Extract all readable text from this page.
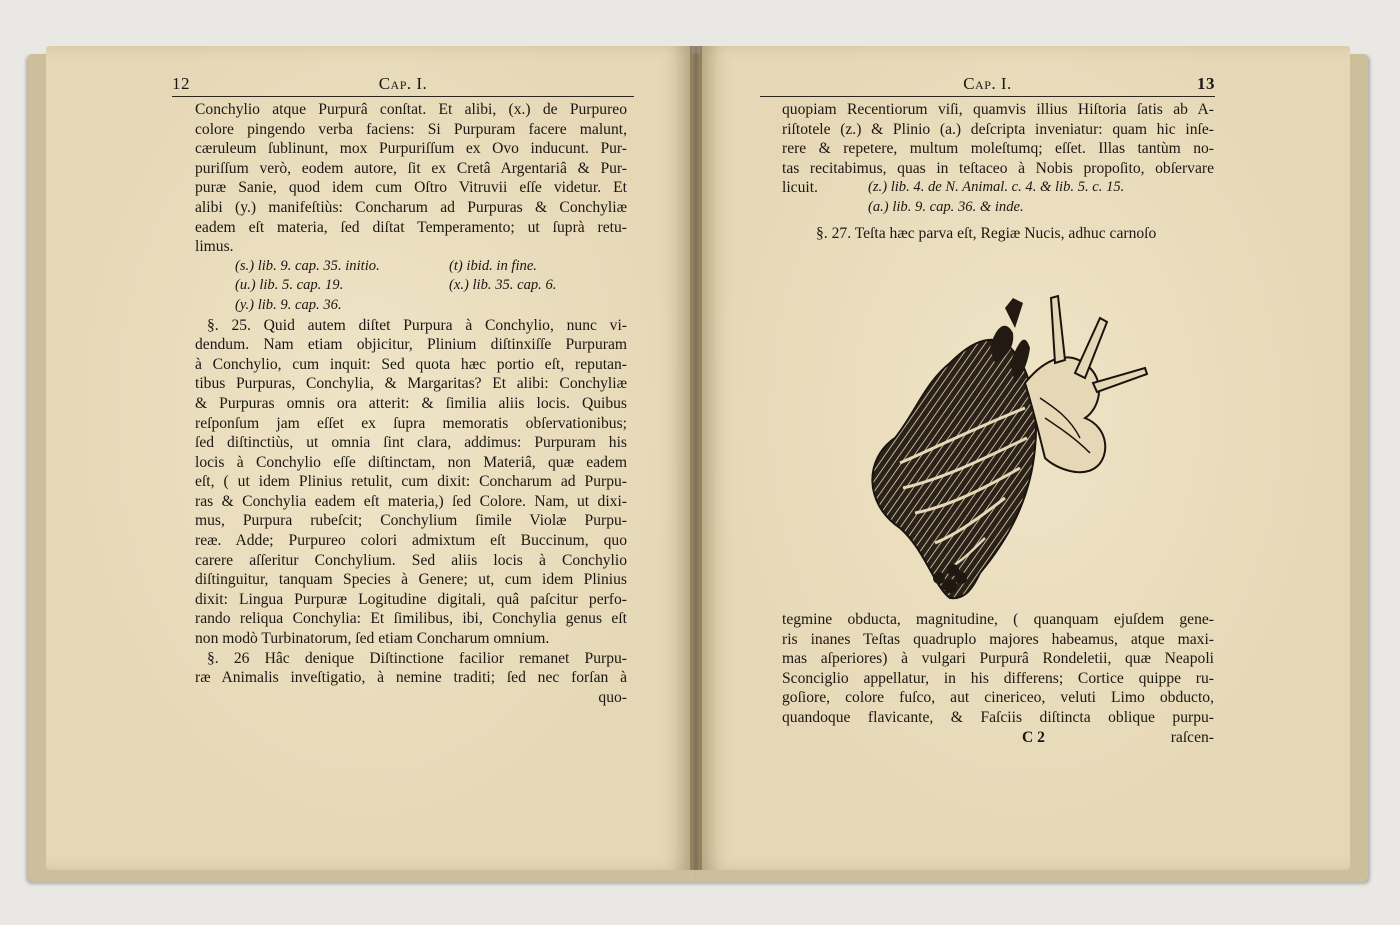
12	Cap. I.	Cap. I.	13
Conchylio atque Purpurâ conſtat. Et alibi, (x.) de Purpureo
colore pingendo verba faciens: Si Purpuram facere malunt,
cæruleum ſublinunt, mox Purpuriſſum ex Ovo inducunt. Pur-
puriſſum verò, eodem autore, ſit ex Cretâ Argentariâ & Pur-
puræ Sanie, quod idem cum Oſtro Vitruvii eſſe videtur. Et
alibi (y.) manifeſtiùs: Concharum ad Purpuras & Conchyliæ
eadem eſt materia, ſed diſtat Temperamento; ut ſuprà retu-
limus.
(s.) lib. 9. cap. 35. initio.	(t) ibid. in fine.
(u.) lib. 5. cap. 19.	(x.) lib. 35. cap. 6.
(y.) lib. 9. cap. 36.
§. 25. Quid autem diſtet Purpura à Conchylio, nunc vi-
dendum. Nam etiam objicitur, Plinium diſtinxiſſe Purpuram
à Conchylio, cum inquit: Sed quota hæc portio eſt, reputan-
tibus Purpuras, Conchylia, & Margaritas? Et alibi: Conchyliæ
& Purpuras omnis ora atterit: & ſimilia aliis locis. Quibus
reſponſum jam eſſet ex ſupra memoratis obſervationibus;
ſed diſtinctiùs, ut omnia ſint clara, addimus: Purpuram his
locis à Conchylio eſſe diſtinctam, non Materiâ, quæ eadem
eſt, ( ut idem Plinius retulit, cum dixit: Concharum ad Purpu-
ras & Conchylia eadem eſt materia,) ſed Colore. Nam, ut dixi-
mus, Purpura rubeſcit; Conchylium ſimile Violæ Purpu-
reæ. Adde; Purpureo colori admixtum eſt Buccinum, quo
carere aſſeritur Conchylium. Sed aliis locis à Conchylio
diſtinguitur, tanquam Species à Genere; ut, cum idem Plinius
dixit: Lingua Purpuræ Logitudine digitali, quâ paſcitur perfo-
rando reliqua Conchylia: Et ſimilibus, ibi, Conchylia genus eſt
non modò Turbinatorum, ſed etiam Concharum omnium.
§. 26 Hâc denique Diſtinctione facilior remanet Purpu-
ræ Animalis inveſtigatio, à nemine traditi; ſed nec forſan à
quo-
quopiam Recentiorum viſi, quamvis illius Hiſtoria ſatis ab A-
riſtotele (z.) & Plinio (a.) deſcripta inveniatur: quam hic inſe-
rere & repetere, multum moleſtumq; eſſet. Illas tantùm no-
tas recitabimus, quas in teſtaceo à Nobis propoſito, obſervare
licuit.	(z.) lib. 4. de N. Animal. c. 4. & lib. 5. c. 15.
(a.) lib. 9. cap. 36. & inde.
§. 27. Teſta hæc parva eſt, Regiæ Nucis, adhuc carnoſo
tegmine obducta, magnitudine, ( quanquam ejuſdem gene-
ris inanes Teſtas quadruplo majores habeamus, atque maxi-
mas aſperiores) à vulgari Purpurâ Rondeletii, quæ Neapoli
Sconciglio appellatur, in his differens; Cortice quippe ru-
goſiore, colore fuſco, aut cinericeo, veluti Limo obducto,
quandoque flavicante, & Faſciis diſtincta oblique purpu-
C 2	raſcen-
